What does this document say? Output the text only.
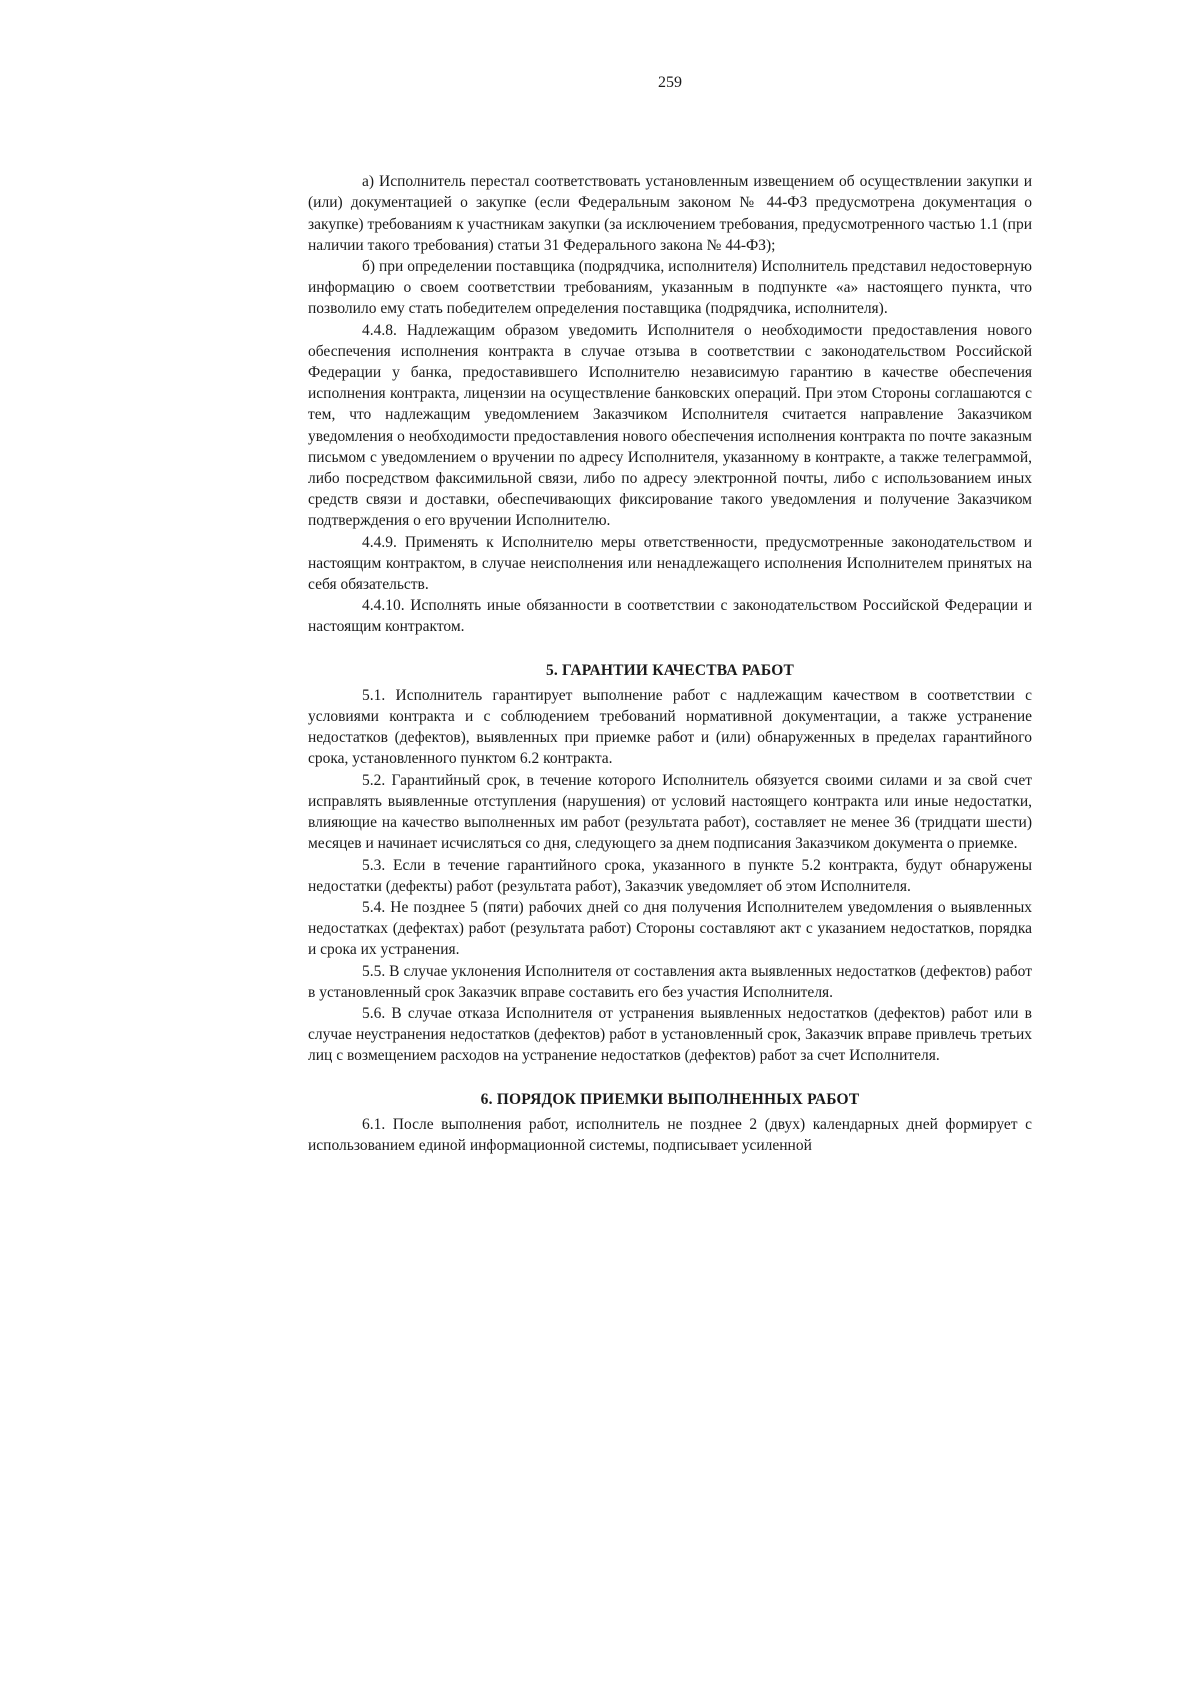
259

а) Исполнитель перестал соответствовать установленным извещением об осуществлении закупки и (или) документацией о закупке (если Федеральным законом № 44-ФЗ предусмотрена документация о закупке) требованиям к участникам закупки (за исключением требования, предусмотренного частью 1.1 (при наличии такого требования) статьи 31 Федерального закона № 44-ФЗ);

б) при определении поставщика (подрядчика, исполнителя) Исполнитель представил недостоверную информацию о своем соответствии требованиям, указанным в подпункте «а» настоящего пункта, что позволило ему стать победителем определения поставщика (подрядчика, исполнителя).

4.4.8. Надлежащим образом уведомить Исполнителя о необходимости предоставления нового обеспечения исполнения контракта в случае отзыва в соответствии с законодательством Российской Федерации у банка, предоставившего Исполнителю независимую гарантию в качестве обеспечения исполнения контракта, лицензии на осуществление банковских операций. При этом Стороны соглашаются с тем, что надлежащим уведомлением Заказчиком Исполнителя считается направление Заказчиком уведомления о необходимости предоставления нового обеспечения исполнения контракта по почте заказным письмом с уведомлением о вручении по адресу Исполнителя, указанному в контракте, а также телеграммой, либо посредством факсимильной связи, либо по адресу электронной почты, либо с использованием иных средств связи и доставки, обеспечивающих фиксирование такого уведомления и получение Заказчиком подтверждения о его вручении Исполнителю.

4.4.9. Применять к Исполнителю меры ответственности, предусмотренные законодательством и настоящим контрактом, в случае неисполнения или ненадлежащего исполнения Исполнителем принятых на себя обязательств.

4.4.10. Исполнять иные обязанности в соответствии с законодательством Российской Федерации и настоящим контрактом.

5. ГАРАНТИИ КАЧЕСТВА РАБОТ

5.1. Исполнитель гарантирует выполнение работ с надлежащим качеством в соответствии с условиями контракта и с соблюдением требований нормативной документации, а также устранение недостатков (дефектов), выявленных при приемке работ и (или) обнаруженных в пределах гарантийного срока, установленного пунктом 6.2 контракта.

5.2. Гарантийный срок, в течение которого Исполнитель обязуется своими силами и за свой счет исправлять выявленные отступления (нарушения) от условий настоящего контракта или иные недостатки, влияющие на качество выполненных им работ (результата работ), составляет не менее 36 (тридцати шести) месяцев и начинает исчисляться со дня, следующего за днем подписания Заказчиком документа о приемке.

5.3. Если в течение гарантийного срока, указанного в пункте 5.2 контракта, будут обнаружены недостатки (дефекты) работ (результата работ), Заказчик уведомляет об этом Исполнителя.

5.4. Не позднее 5 (пяти) рабочих дней со дня получения Исполнителем уведомления о выявленных недостатках (дефектах) работ (результата работ) Стороны составляют акт с указанием недостатков, порядка и срока их устранения.

5.5. В случае уклонения Исполнителя от составления акта выявленных недостатков (дефектов) работ в установленный срок Заказчик вправе составить его без участия Исполнителя.

5.6. В случае отказа Исполнителя от устранения выявленных недостатков (дефектов) работ или в случае неустранения недостатков (дефектов) работ в установленный срок, Заказчик вправе привлечь третьих лиц с возмещением расходов на устранение недостатков (дефектов) работ за счет Исполнителя.

6. ПОРЯДОК ПРИЕМКИ ВЫПОЛНЕННЫХ РАБОТ

6.1. После выполнения работ, исполнитель не позднее 2 (двух) календарных дней формирует с использованием единой информационной системы, подписывает усиленной
